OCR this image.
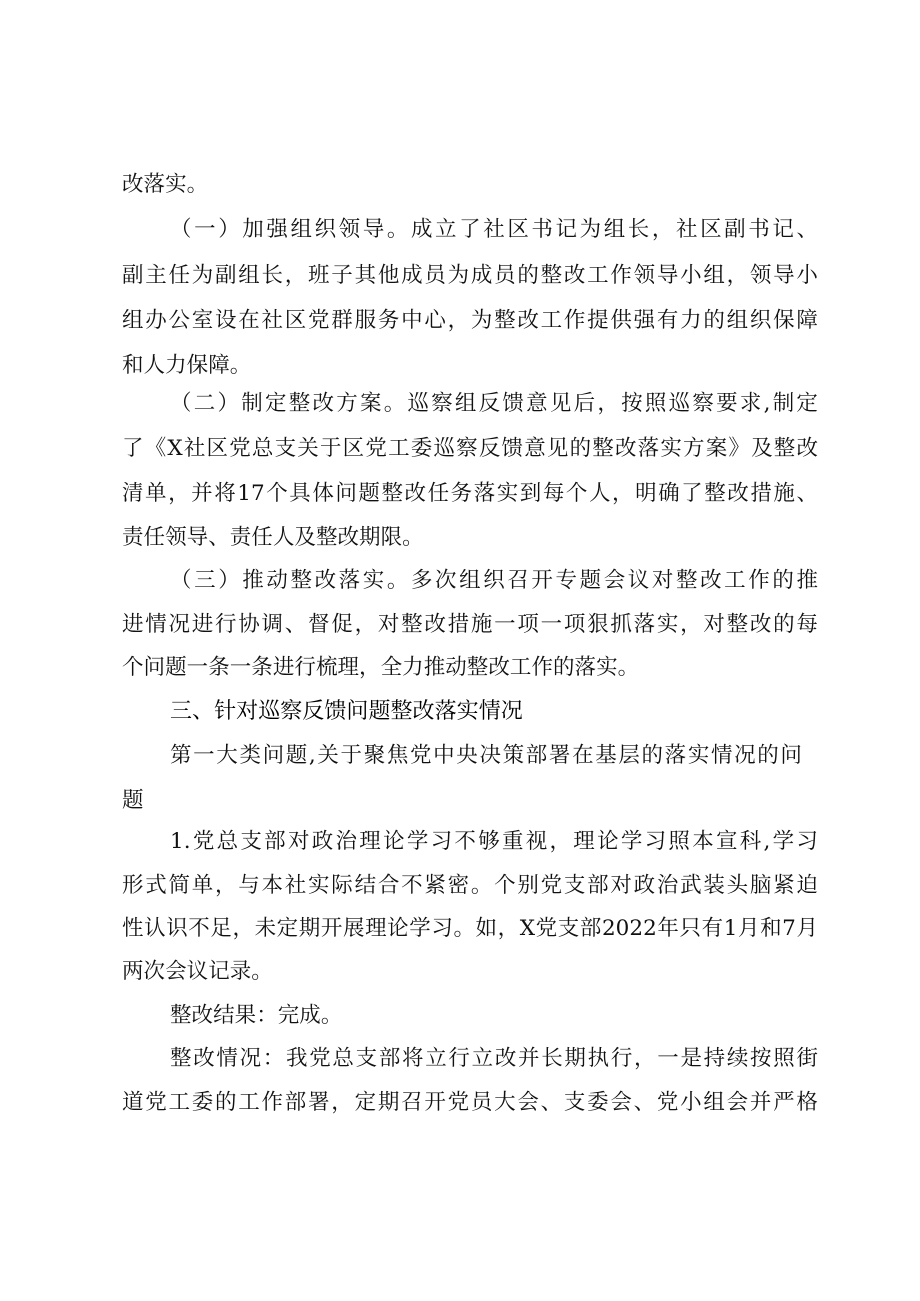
改落实。
（一）加强组织领导。成立了社区书记为组长，社区副书记、
副主任为副组长，班子其他成员为成员的整改工作领导小组，领导小
组办公室设在社区党群服务中心，为整改工作提供强有力的组织保障
和人力保障。
（二）制定整改方案。巡察组反馈意见后，按照巡察要求,制定
了《X社区党总支关于区党工委巡察反馈意见的整改落实方案》及整改
清单，并将17个具体问题整改任务落实到每个人，明确了整改措施、
责任领导、责任人及整改期限。
（三）推动整改落实。多次组织召开专题会议对整改工作的推
进情况进行协调、督促，对整改措施一项一项狠抓落实，对整改的每
个问题一条一条进行梳理，全力推动整改工作的落实。
三、针对巡察反馈问题整改落实情况
第一大类问题,关于聚焦党中央决策部署在基层的落实情况的问
题
1.党总支部对政治理论学习不够重视，理论学习照本宣科,学习
形式简单，与本社实际结合不紧密。个别党支部对政治武装头脑紧迫
性认识不足，未定期开展理论学习。如，X党支部2022年只有1月和7月
两次会议记录。
整改结果：完成。
整改情况：我党总支部将立行立改并长期执行，一是持续按照街
道党工委的工作部署，定期召开党员大会、支委会、党小组会并严格
